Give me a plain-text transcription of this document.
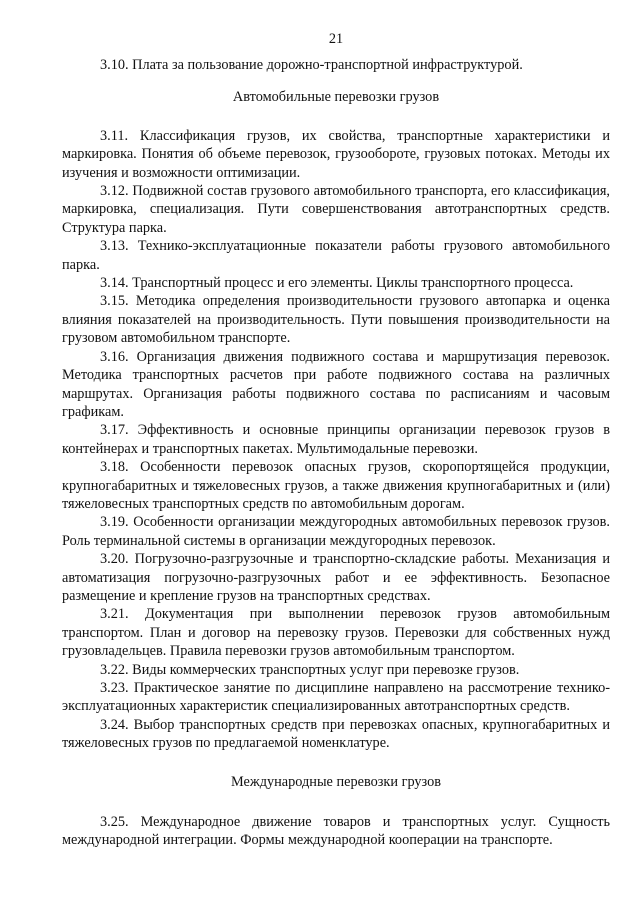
21

3.10. Плата за пользование дорожно-транспортной инфраструктурой.

Автомобильные перевозки грузов

3.11. Классификация грузов, их свойства, транспортные характеристики и маркировка. Понятия об объеме перевозок, грузообороте, грузовых потоках. Методы их изучения и возможности оптимизации.

3.12. Подвижной состав грузового автомобильного транспорта, его классификация, маркировка, специализация. Пути совершенствования автотранспортных средств. Структура парка.

3.13. Технико-эксплуатационные показатели работы грузового автомобильного парка.

3.14. Транспортный процесс и его элементы. Циклы транспортного процесса.

3.15. Методика определения производительности грузового автопарка и оценка влияния показателей на производительность. Пути повышения производительности на грузовом автомобильном транспорте.

3.16. Организация движения подвижного состава и маршрутизация перевозок. Методика транспортных расчетов при работе подвижного состава на различных маршрутах. Организация работы подвижного состава по расписаниям и часовым графикам.

3.17. Эффективность и основные принципы организации перевозок грузов в контейнерах и транспортных пакетах. Мультимодальные перевозки.

3.18. Особенности перевозок опасных грузов, скоропортящейся продукции, крупногабаритных и тяжеловесных грузов, а также движения крупногабаритных и (или) тяжеловесных транспортных средств по автомобильным дорогам.

3.19. Особенности организации междугородных автомобильных перевозок грузов. Роль терминальной системы в организации междугородных перевозок.

3.20. Погрузочно-разгрузочные и транспортно-складские работы. Механизация и автоматизация погрузочно-разгрузочных работ и ее эффективность. Безопасное размещение и крепление грузов на транспортных средствах.

3.21. Документация при выполнении перевозок грузов автомобильным транспортом. План и договор на перевозку грузов. Перевозки для собственных нужд грузовладельцев. Правила перевозки грузов автомобильным транспортом.

3.22. Виды коммерческих транспортных услуг при перевозке грузов.

3.23. Практическое занятие по дисциплине направлено на рассмотрение технико-эксплуатационных характеристик специализированных автотранспортных средств.

3.24. Выбор транспортных средств при перевозках опасных, крупногабаритных и тяжеловесных грузов по предлагаемой номенклатуре.

Международные перевозки грузов

3.25. Международное движение товаров и транспортных услуг. Сущность международной интеграции. Формы международной кооперации на транспорте.
